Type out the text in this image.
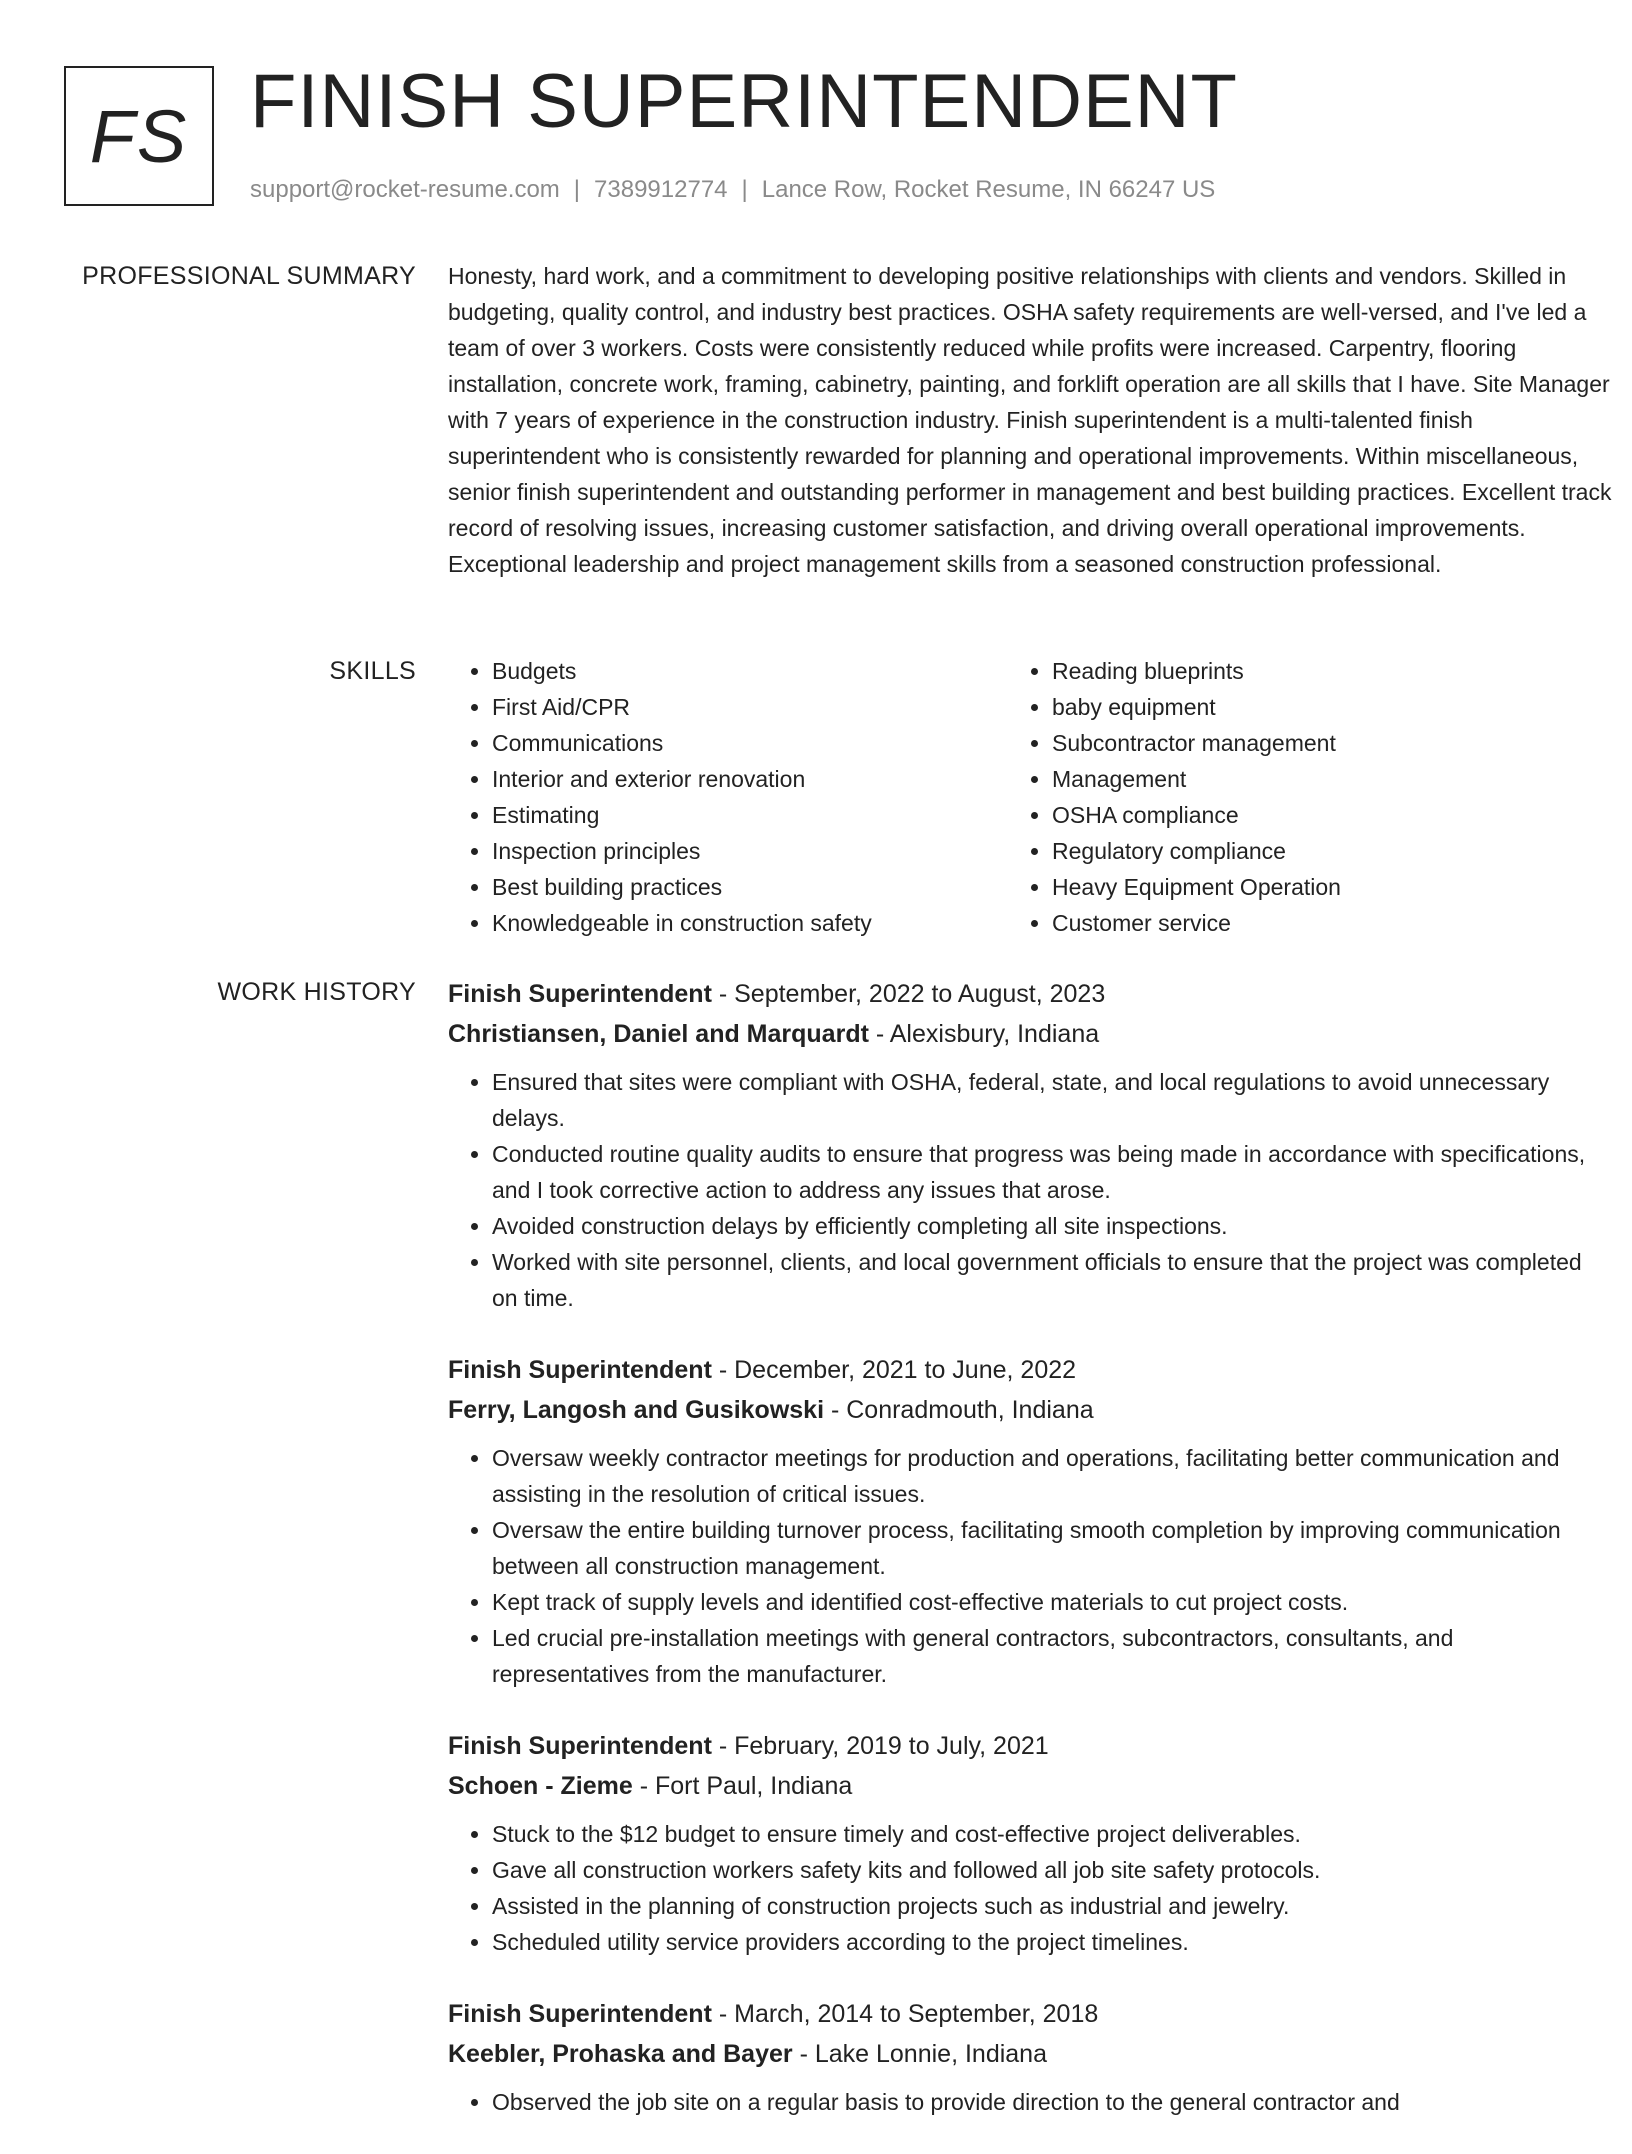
FS FINISH SUPERINTENDENT
support@rocket-resume.com | 7389912774 | Lance Row, Rocket Resume, IN 66247 US
PROFESSIONAL SUMMARY Honesty, hard work, and a commitment to developing positive relationships with clients and vendors. Skilled in budgeting, quality control, and industry best practices. OSHA safety requirements are well-versed, and I've led a team of over 3 workers. Costs were consistently reduced while profits were increased. Carpentry, flooring installation, concrete work, framing, cabinetry, painting, and forklift operation are all skills that I have. Site Manager with 7 years of experience in the construction industry. Finish superintendent is a multi-talented finish superintendent who is consistently rewarded for planning and operational improvements. Within miscellaneous, senior finish superintendent and outstanding performer in management and best building practices. Excellent track record of resolving issues, increasing customer satisfaction, and driving overall operational improvements. Exceptional leadership and project management skills from a seasoned construction professional.

SKILLS
•	Budgets
• First Aid/CPR
• Communications
• Interior and exterior renovation
• Estimating
• Inspection principles
• Best building practices
• Knowledgeable in construction safety
• Reading blueprints
• baby equipment
• Subcontractor management
• Management
• OSHA compliance
• Regulatory compliance
• Heavy Equipment Operation
• Customer service
WORK HISTORY Finish Superintendent - September, 2022 to August, 2023
Christiansen, Daniel and Marquardt - Alexisbury, Indiana
• Ensured that sites were compliant with OSHA, federal, state, and local regulations to avoid unnecessary delays.
• Conducted routine quality audits to ensure that progress was being made in accordance with specifications, and I took corrective action to address any issues that arose.
• Avoided construction delays by efficiently completing all site inspections.
• Worked with site personnel, clients, and local government officials to ensure that the project was completed on time.
Finish Superintendent - December, 2021 to June, 2022
Ferry, Langosh and Gusikowski - Conradmouth, Indiana
• Oversaw weekly contractor meetings for production and operations, facilitating better communication and assisting in the resolution of critical issues.
• Oversaw the entire building turnover process, facilitating smooth completion by improving communication between all construction management.
• Kept track of supply levels and identified cost-effective materials to cut project costs.
• Led crucial pre-installation meetings with general contractors, subcontractors, consultants, and representatives from the manufacturer.
Finish Superintendent - February, 2019 to July, 2021
Schoen - Zieme - Fort Paul, Indiana
• Stuck to the $12 budget to ensure timely and cost-effective project deliverables.
• Gave all construction workers safety kits and followed all job site safety protocols.
• Assisted in the planning of construction projects such as industrial and jewelry.
• Scheduled utility service providers according to the project timelines.
Finish Superintendent - March, 2014 to September, 2018
Keebler, Prohaska and Bayer - Lake Lonnie, Indiana
• Observed the job site on a regular basis to provide direction to the general contractor and
